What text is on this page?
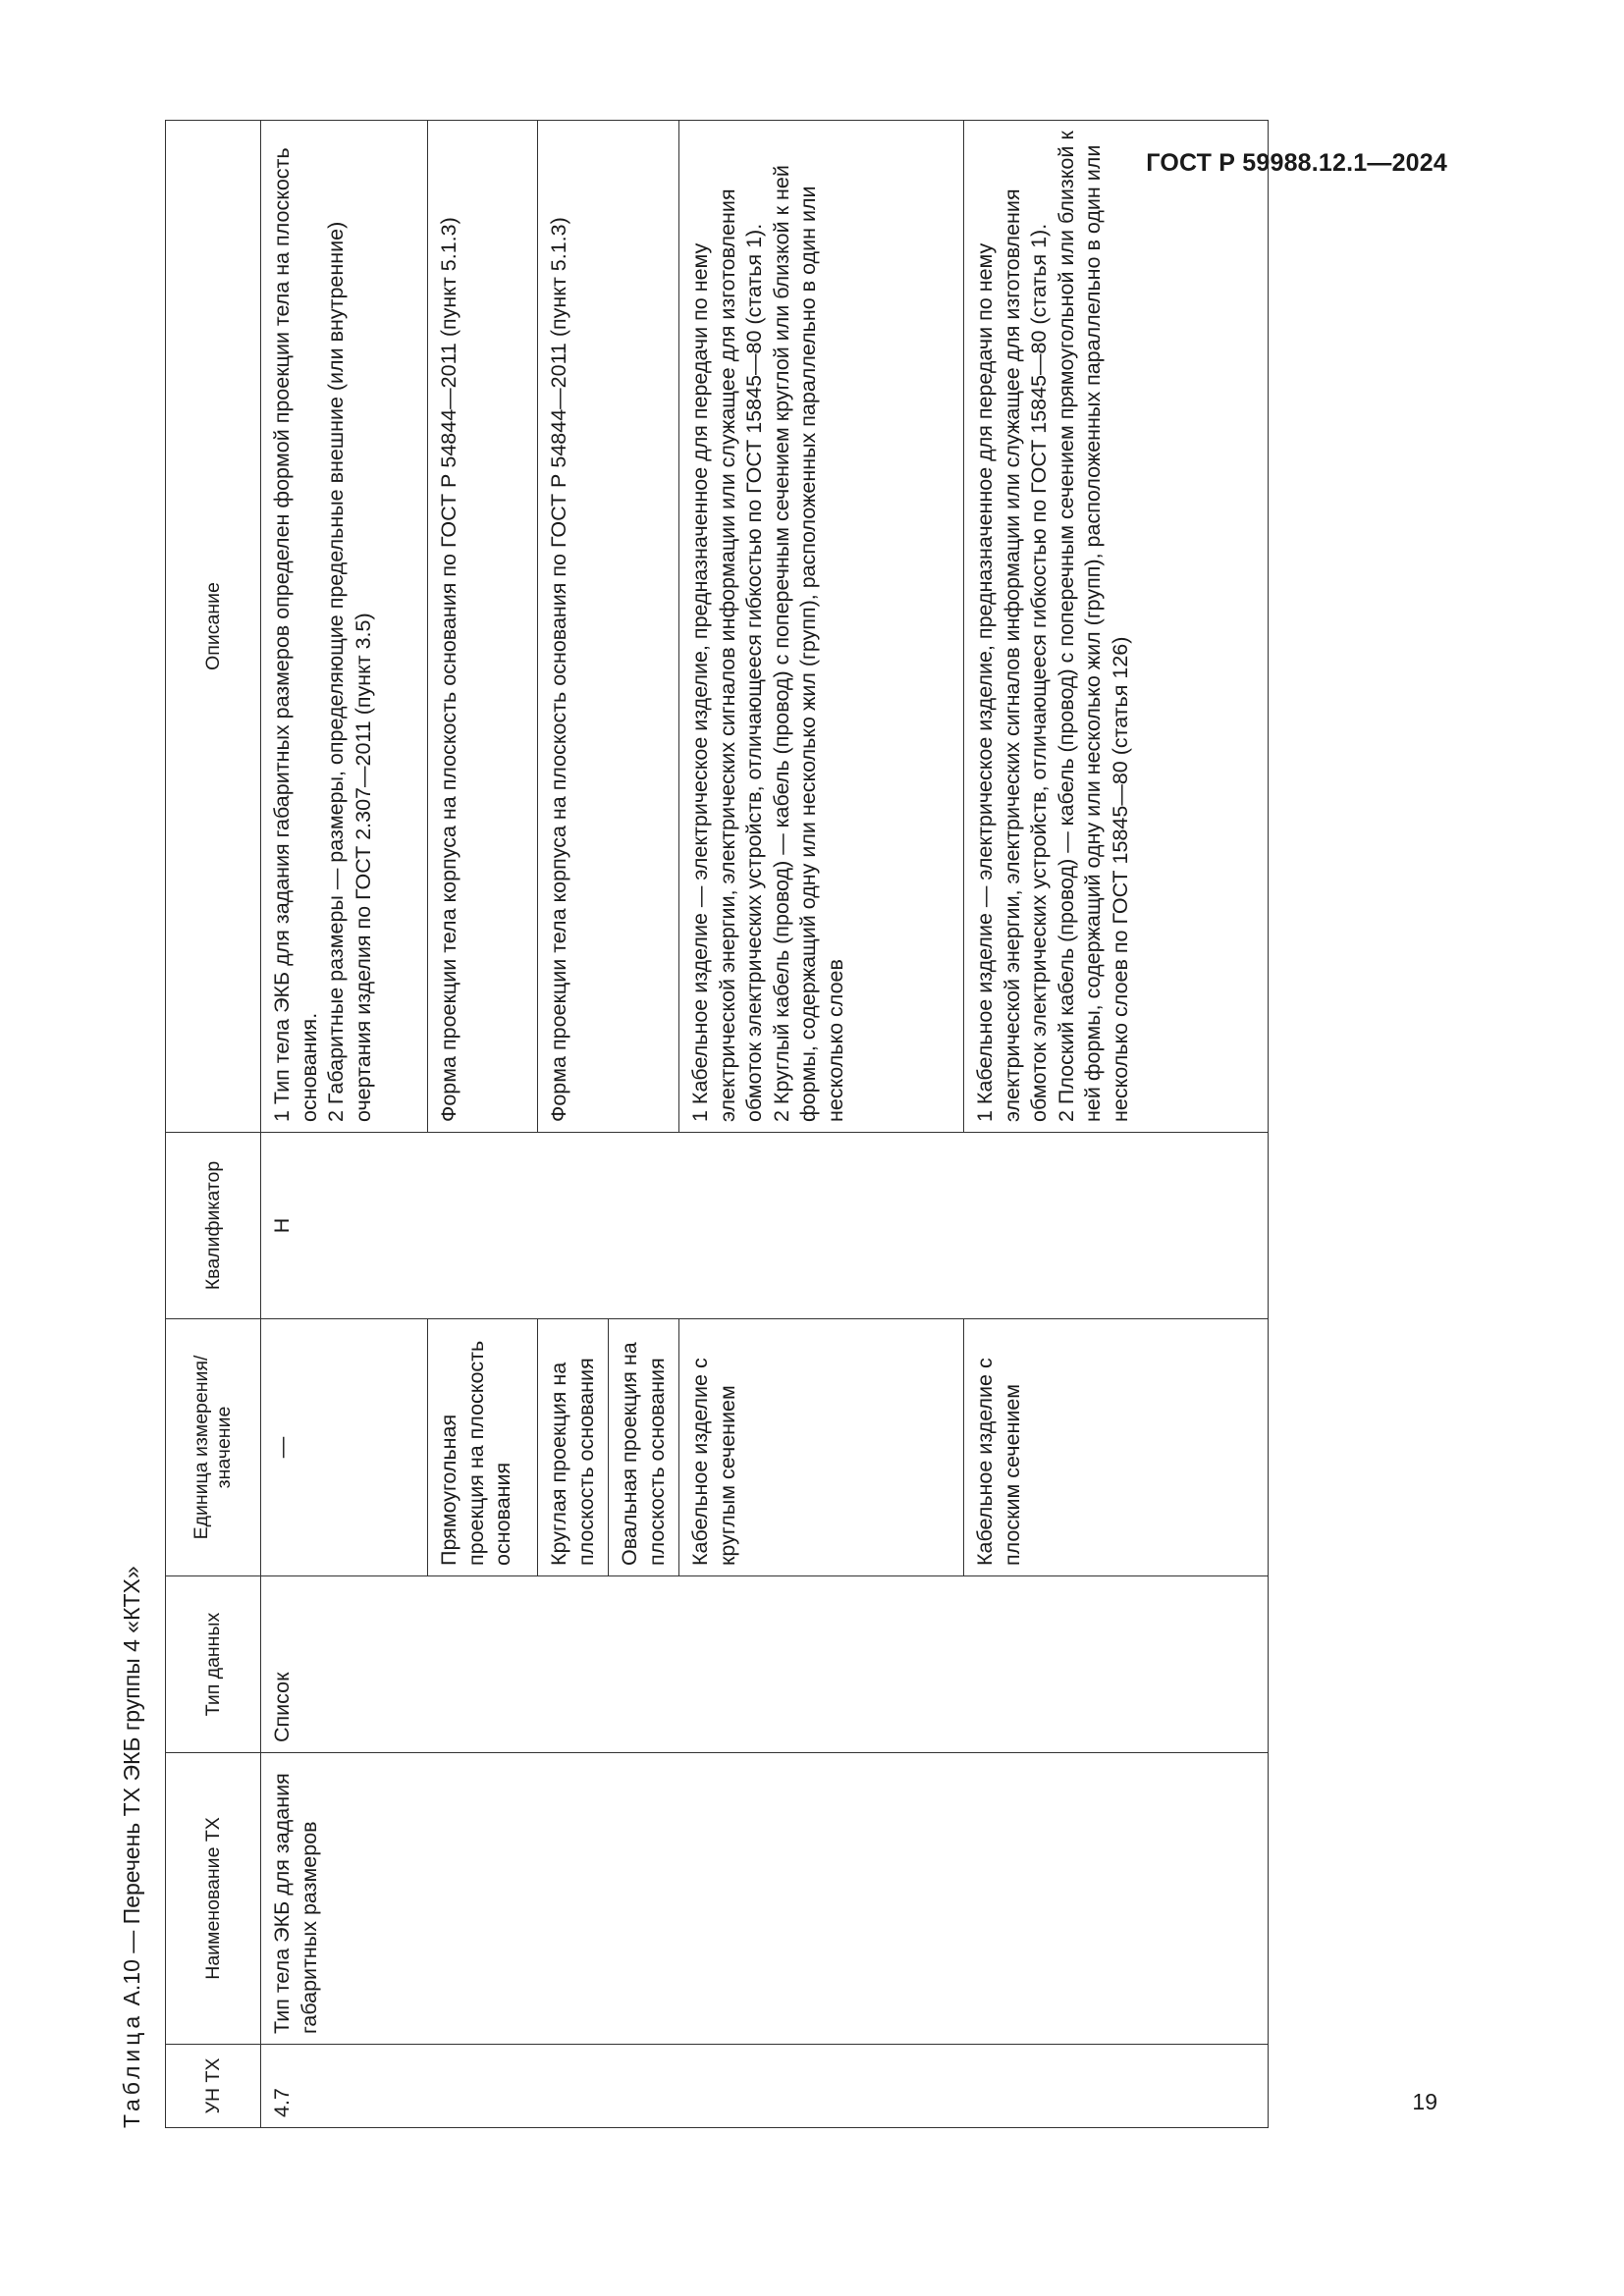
ГОСТ Р 59988.12.1—2024
Таблица А.10 — Перечень ТХ ЭКБ группы 4 «КТХ»
УН ТХ	Наименование ТХ	Тип данных	Единица измерения/ значение	Квалификатор	Описание
4.7	Тип тела ЭКБ для задания габаритных размеров	Список	—	Н	1 Тип тела ЭКБ для задания габаритных размеров определен формой проекции тела на плоскость основания. 2 Габаритные размеры — размеры, определяющие предельные внешние (или внутренние) очертания изделия по ГОСТ 2.307—2011 (пункт 3.5)

			Прямоугольная проекция на плоскость основания		Форма проекции тела корпуса на плоскость основания по ГОСТ Р 54844—2011 (пункт 5.1.3)

			Круглая проекция на плоскость основания		Форма проекции тела корпуса на плоскость основания по ГОСТ Р 54844—2011 (пункт 5.1.3)

			Овальная проекция на плоскость основания		
			Кабельное изделие с круглым сечением		1 Кабельное изделие — электрическое изделие, предназначенное для передачи по нему электрической энергии, электрических сигналов информации или служащее для изготовления обмоток электрических устройств, отличающееся гибкостью по ГОСТ 15845—80 (статья 1). 2 Круглый кабель (провод) — кабель (провод) с поперечным сечением круглой или близкой к ней формы, содержащий одну или несколько жил (групп), расположенных параллельно в один или несколько слоев

			Кабельное изделие с плоским сечением		1 Кабельное изделие — электрическое изделие, предназначенное для передачи по нему электрической энергии, электрических сигналов информации или служащее для изготовления обмоток электрических устройств, отличающееся гибкостью по ГОСТ 15845—80 (статья 1). 2 Плоский кабель (провод) — кабель (провод) с поперечным сечением прямоугольной или близкой к ней формы, содержащий одну или несколько жил (групп), расположенных параллельно в один или несколько слоев по ГОСТ 15845—80 (статья 126)
19
